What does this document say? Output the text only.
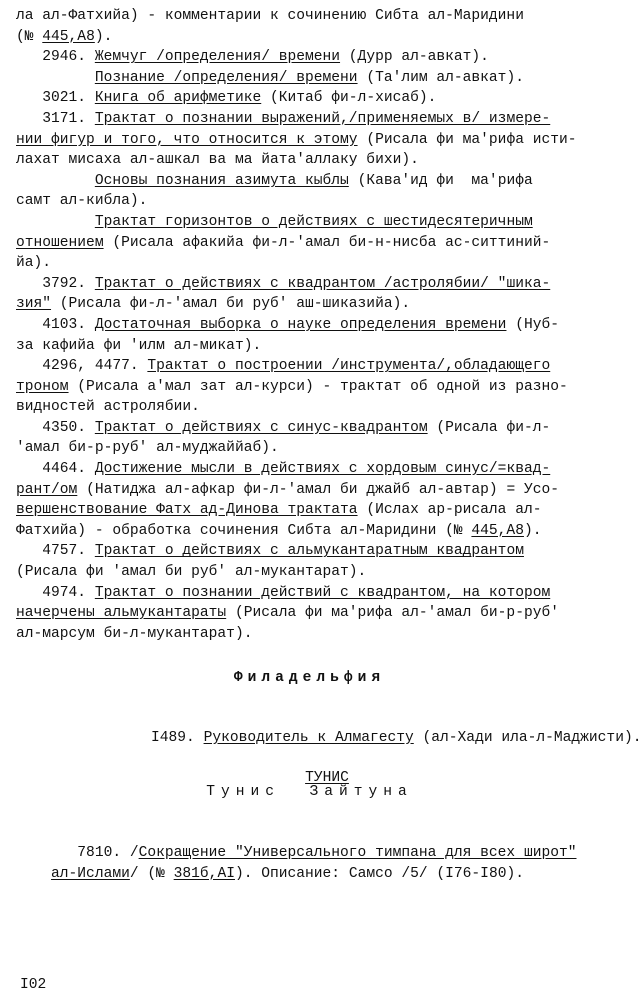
ла ал-Фатхийа) - комментарии к сочинению Сибта ал-Маридини
(№ 445,A8).
2946. Жемчуг /определения/ времени (Дурр ал-авкат).
Познание /определения/ времени (Та'лим ал-авкат).
3021. Книга об арифметике (Китаб фи-л-хисаб).
3171. Трактат о познании выражений,/применяемых в/ измере-
нии фигур и того, что относится к этому (Рисала фи ма'рифа исти-
лахат мисаха ал-ашкал ва ма йата'аллаку бихи).
Основы познания азимута кыблы (Кава'ид фи  ма'рифа
самт ал-кибла).
Трактат горизонтов о действиях с шестидесятеричным
отношением (Рисала афакийа фи-л-'амал би-н-нисба ас-ситтиний-
йа).
3792. Трактат о действиях с квадрантом /астролябии/ "шика-
зия" (Рисала фи-л-'амал би руб' аш-шиказийа).
4103. Достаточная выборка о науке определения времени (Нуб-
за кафийа фи 'илм ал-микат).
4296, 4477. Трактат о построении /инструмента/,обладающего
троном (Рисала а'мал зат ал-курси) - трактат об одной из разно-
видностей астролябии.
4350. Трактат о действиях с синус-квадрантом (Рисала фи-л-
'амал би-р-руб' ал-муджаййаб).
4464. Достижение мысли в действиях с хордовым синус/=квад-
рант/ом (Натиджа ал-афкар фи-л-'амал би джайб ал-автар) = Усо-
вершенствование Фатх ад-Динова трактата (Ислах ар-рисала ал-
Фатхийа) - обработка сочинения Сибта ал-Маридини (№ 445,A8).
4757. Трактат о действиях с альмукантаратным квадрантом
(Рисала фи 'амал би руб' ал-мукантарат).
4974. Трактат о познании действий с квадрантом, на котором
начерчены альмукантараты (Рисала фи ма'рифа ал-'амал би-р-руб'
ал-марсум би-л-мукантарат).
Филадельфия

I489. Руководитель к Алмагесту (ал-Хади ила-л-Маджисти).

ТУНИС

Тунис  Зайтуна

7810. /Сокращение "Универсального тимпана для всех широт"

ал-Ислами/ (№ 381б,AI). Описание: Самсо /5/ (I76-I80).

I02
